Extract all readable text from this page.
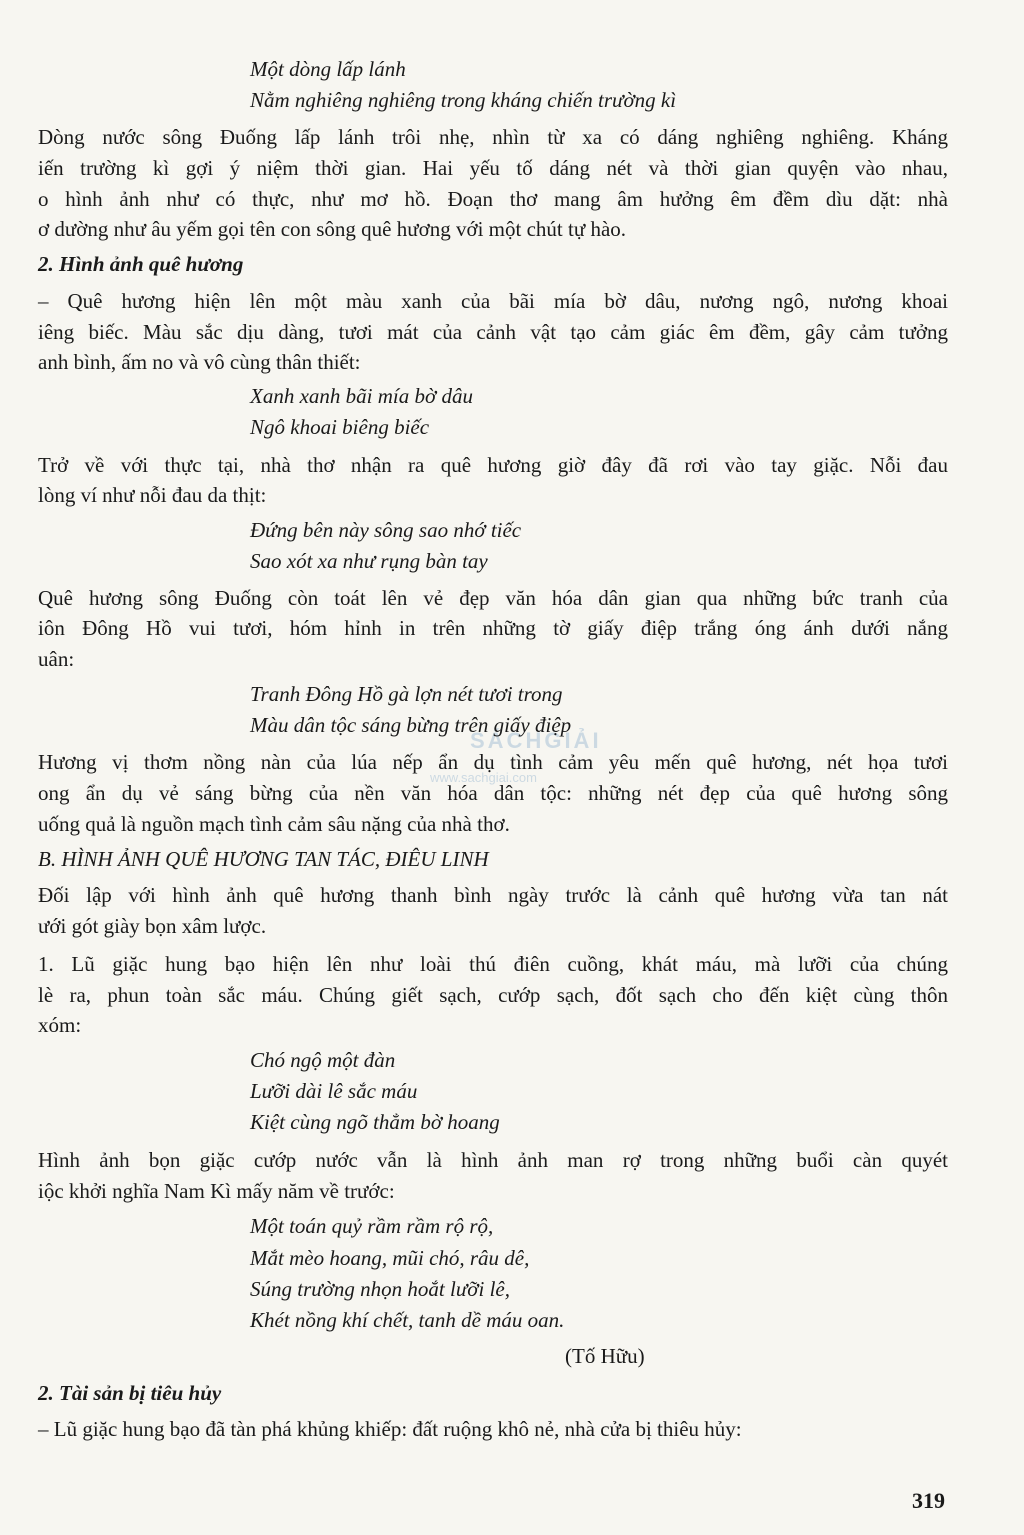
SÁCHGIẢI
www.sachgiai.com
319
Một dòng lấp lánh
Nằm nghiêng nghiêng trong kháng chiến trường kì
Dòng nước sông Đuống lấp lánh trôi nhẹ, nhìn từ xa có dáng nghiêng nghiêng. Kháng
iến trường kì gợi ý niệm thời gian. Hai yếu tố dáng nét và thời gian quyện vào nhau,
o hình ảnh như có thực, như mơ hồ. Đoạn thơ mang âm hưởng êm đềm dìu dặt: nhà
ơ dường như âu yếm gọi tên con sông quê hương với một chút tự hào.
2. Hình ảnh quê hương
– Quê hương hiện lên một màu xanh của bãi mía bờ dâu, nương ngô, nương khoai
iêng biếc. Màu sắc dịu dàng, tươi mát của cảnh vật tạo cảm giác êm đềm, gây cảm tưởng
anh bình, ấm no và vô cùng thân thiết:
Xanh xanh bãi mía bờ dâu
Ngô khoai biêng biếc
Trở về với thực tại, nhà thơ nhận ra quê hương giờ đây đã rơi vào tay giặc. Nỗi đau
lòng ví như nỗi đau da thịt:
Đứng bên này sông sao nhớ tiếc
Sao xót xa như rụng bàn tay
Quê hương sông Đuống còn toát lên vẻ đẹp văn hóa dân gian qua những bức tranh của
iôn Đông Hồ vui tươi, hóm hỉnh in trên những tờ giấy điệp trắng óng ánh dưới nắng
uân:
Tranh Đông Hồ gà lợn nét tươi trong
Màu dân tộc sáng bừng trên giấy điệp
Hương vị thơm nồng nàn của lúa nếp ẩn dụ tình cảm yêu mến quê hương, nét họa tươi
ong ẩn dụ vẻ sáng bừng của nền văn hóa dân tộc: những nét đẹp của quê hương sông
uống quả là nguồn mạch tình cảm sâu nặng của nhà thơ.
B. HÌNH ẢNH QUÊ HƯƠNG TAN TÁC, ĐIÊU LINH
Đối lập với hình ảnh quê hương thanh bình ngày trước là cảnh quê hương vừa tan nát
ưới gót giày bọn xâm lược.
1. Lũ giặc hung bạo hiện lên như loài thú điên cuồng, khát máu, mà lưỡi của chúng
lè ra, phun toàn sắc máu. Chúng giết sạch, cướp sạch, đốt sạch cho đến kiệt cùng thôn
xóm:
Chó ngộ một đàn
Lưỡi dài lê sắc máu
Kiệt cùng ngõ thẳm bờ hoang
Hình ảnh bọn giặc cướp nước vẫn là hình ảnh man rợ trong những buổi càn quyét
iộc khởi nghĩa Nam Kì mấy năm về trước:
Một toán quỷ rầm rầm rộ rộ,
Mắt mèo hoang, mũi chó, râu dê,
Súng trường nhọn hoắt lưỡi lê,
Khét nồng khí chết, tanh dề máu oan.
(Tố Hữu)
2. Tài sản bị tiêu hủy
– Lũ giặc hung bạo đã tàn phá khủng khiếp: đất ruộng khô nẻ, nhà cửa bị thiêu hủy:
